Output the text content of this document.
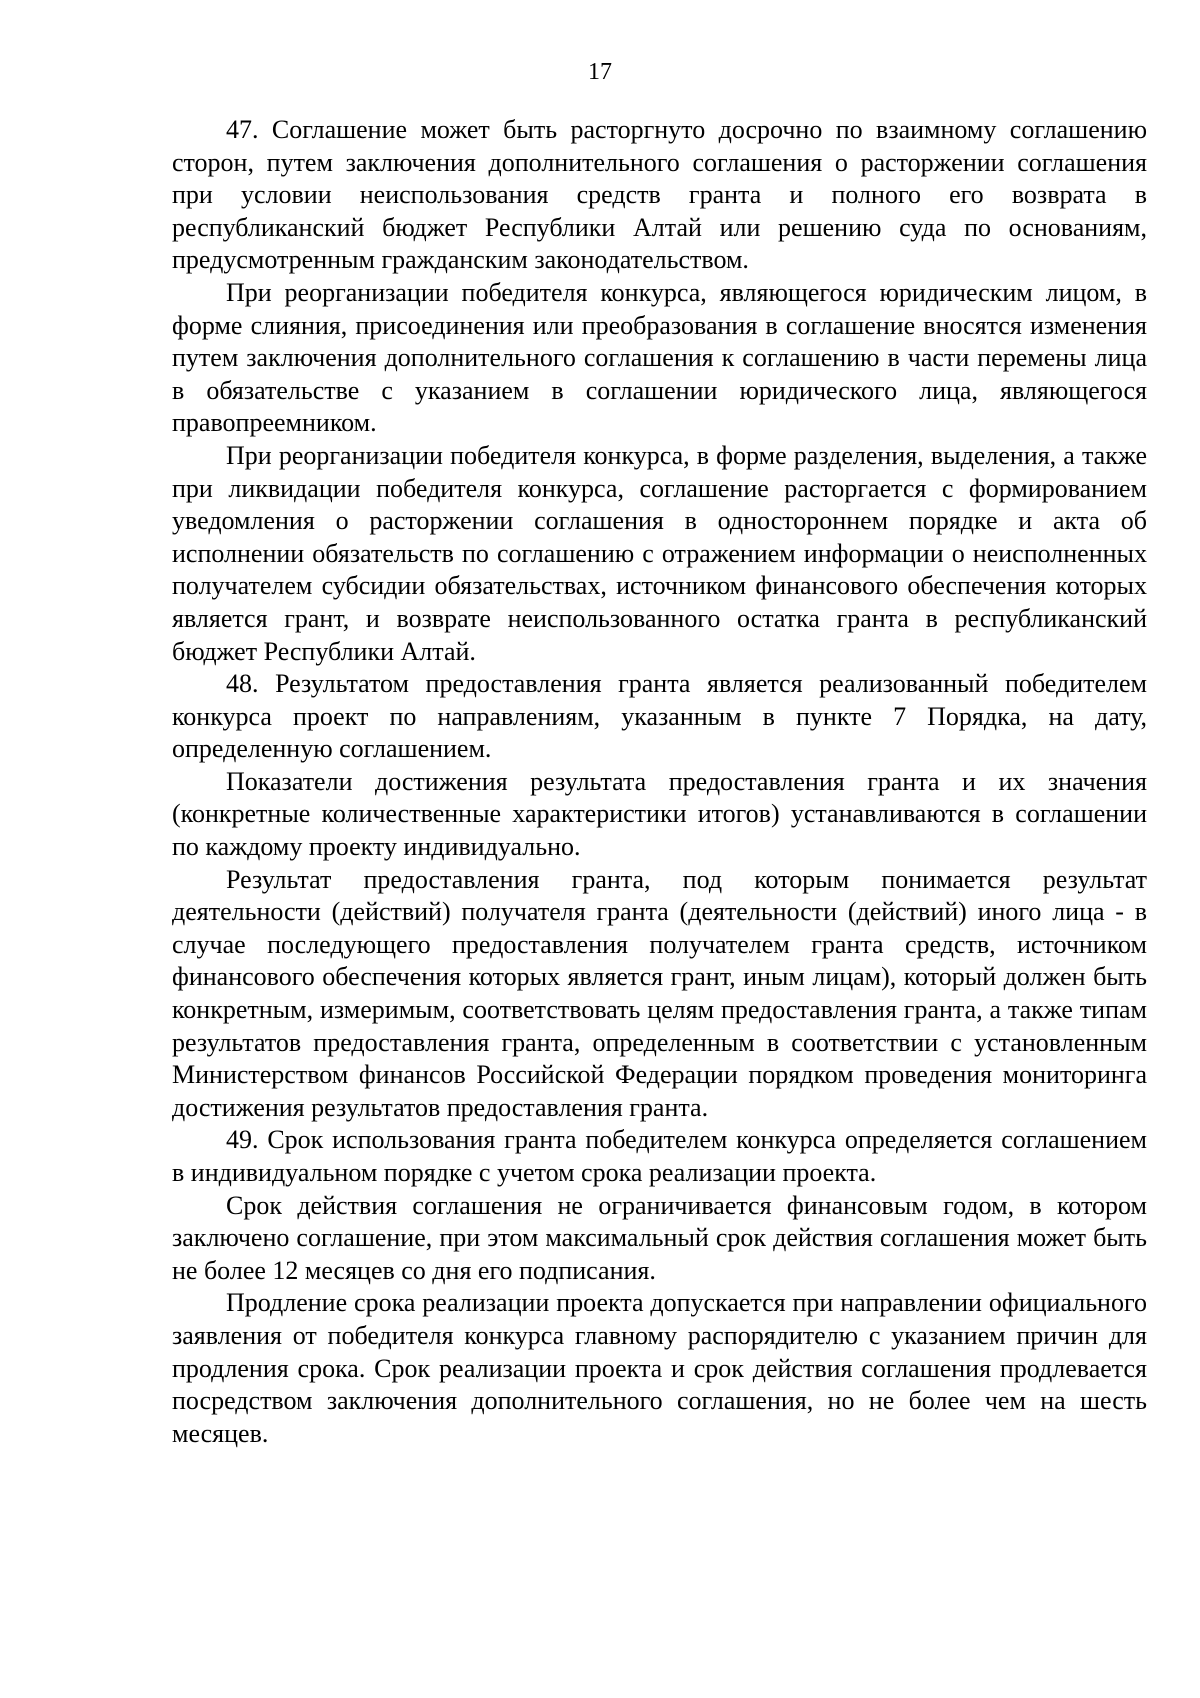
17

47. Соглашение может быть расторгнуто досрочно по взаимному соглашению сторон, путем заключения дополнительного соглашения о расторжении соглашения при условии неиспользования средств гранта и полного его возврата в республиканский бюджет Республики Алтай или решению суда по основаниям, предусмотренным гражданским законодательством.

При реорганизации победителя конкурса, являющегося юридическим лицом, в форме слияния, присоединения или преобразования в соглашение вносятся изменения путем заключения дополнительного соглашения к соглашению в части перемены лица в обязательстве с указанием в соглашении юридического лица, являющегося правопреемником.

При реорганизации победителя конкурса, в форме разделения, выделения, а также при ликвидации победителя конкурса, соглашение расторгается с формированием уведомления о расторжении соглашения в одностороннем порядке и акта об исполнении обязательств по соглашению с отражением информации о неисполненных получателем субсидии обязательствах, источником финансового обеспечения которых является грант, и возврате неиспользованного остатка гранта в республиканский бюджет Республики Алтай.

48. Результатом предоставления гранта является реализованный победителем конкурса проект по направлениям, указанным в пункте 7 Порядка, на дату, определенную соглашением.

Показатели достижения результата предоставления гранта и их значения (конкретные количественные характеристики итогов) устанавливаются в соглашении по каждому проекту индивидуально.

Результат предоставления гранта, под которым понимается результат деятельности (действий) получателя гранта (деятельности (действий) иного лица - в случае последующего предоставления получателем гранта средств, источником финансового обеспечения которых является грант, иным лицам), который должен быть конкретным, измеримым, соответствовать целям предоставления гранта, а также типам результатов предоставления гранта, определенным в соответствии с установленным Министерством финансов Российской Федерации порядком проведения мониторинга достижения результатов предоставления гранта.

49. Срок использования гранта победителем конкурса определяется соглашением в индивидуальном порядке с учетом срока реализации проекта.

Срок действия соглашения не ограничивается финансовым годом, в котором заключено соглашение, при этом максимальный срок действия соглашения может быть не более 12 месяцев со дня его подписания.

Продление срока реализации проекта допускается при направлении официального заявления от победителя конкурса главному распорядителю с указанием причин для продления срока. Срок реализации проекта и срок действия соглашения продлевается посредством заключения дополнительного соглашения, но не более чем на шесть месяцев.
